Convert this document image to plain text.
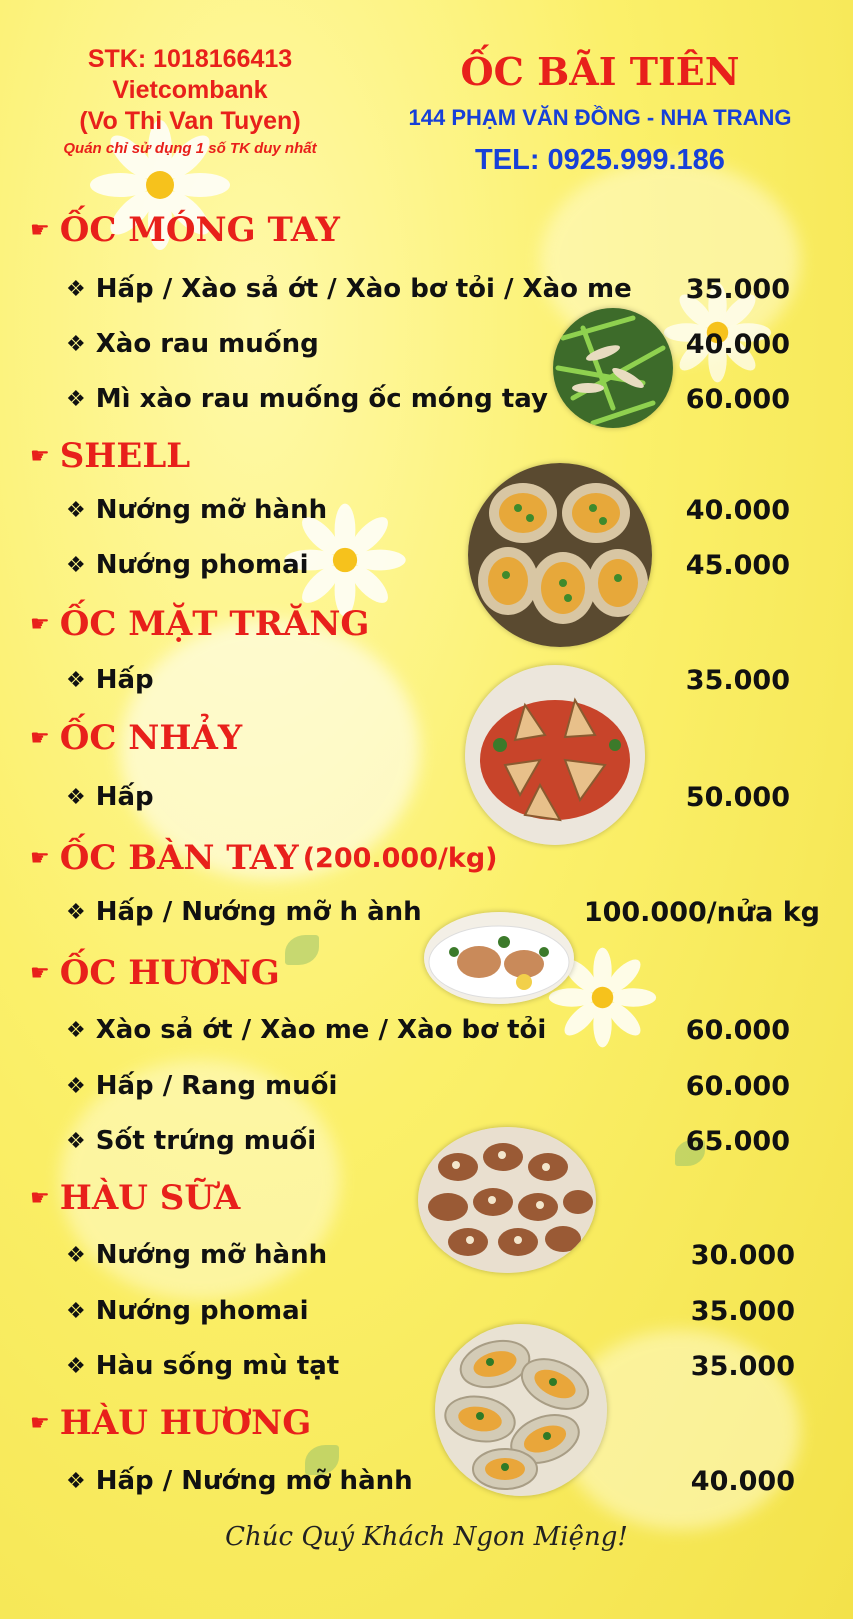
STK: 1018166413
Vietcombank
(Vo Thi Van Tuyen)
Quán chỉ sử dụng 1 số TK duy nhất
ỐC BÃI TIÊN
144 PHẠM VĂN ĐỒNG - NHA TRANG
TEL: 0925.999.186
☛ ỐC MÓNG TAY
❖ Hấp / Xào sả ớt / Xào bơ tỏi / Xào me	35.000
❖ Xào rau muống	40.000
❖ Mì xào rau muống ốc móng tay	60.000
☛ SHELL
❖ Nướng mỡ hành	40.000
❖ Nướng phomai	45.000
☛ ỐC MẶT TRĂNG
❖ Hấp	35.000
☛ ỐC NHẢY
❖ Hấp	50.000
☛ ỐC BÀN TAY (200.000/kg)
❖ Hấp / Nướng mỡ h ành	100.000/nửa kg
☛ ỐC HƯƠNG
❖ Xào sả ớt / Xào me / Xào bơ tỏi	60.000
❖ Hấp / Rang muối	60.000
❖ Sốt trứng muối	65.000
☛ HÀU SỮA
❖ Nướng mỡ hành	30.000
❖ Nướng phomai	35.000
❖ Hàu sống mù tạt	35.000
☛ HÀU HƯƠNG
❖ Hấp / Nướng mỡ hành	40.000
Chúc Quý Khách Ngon Miệng!
